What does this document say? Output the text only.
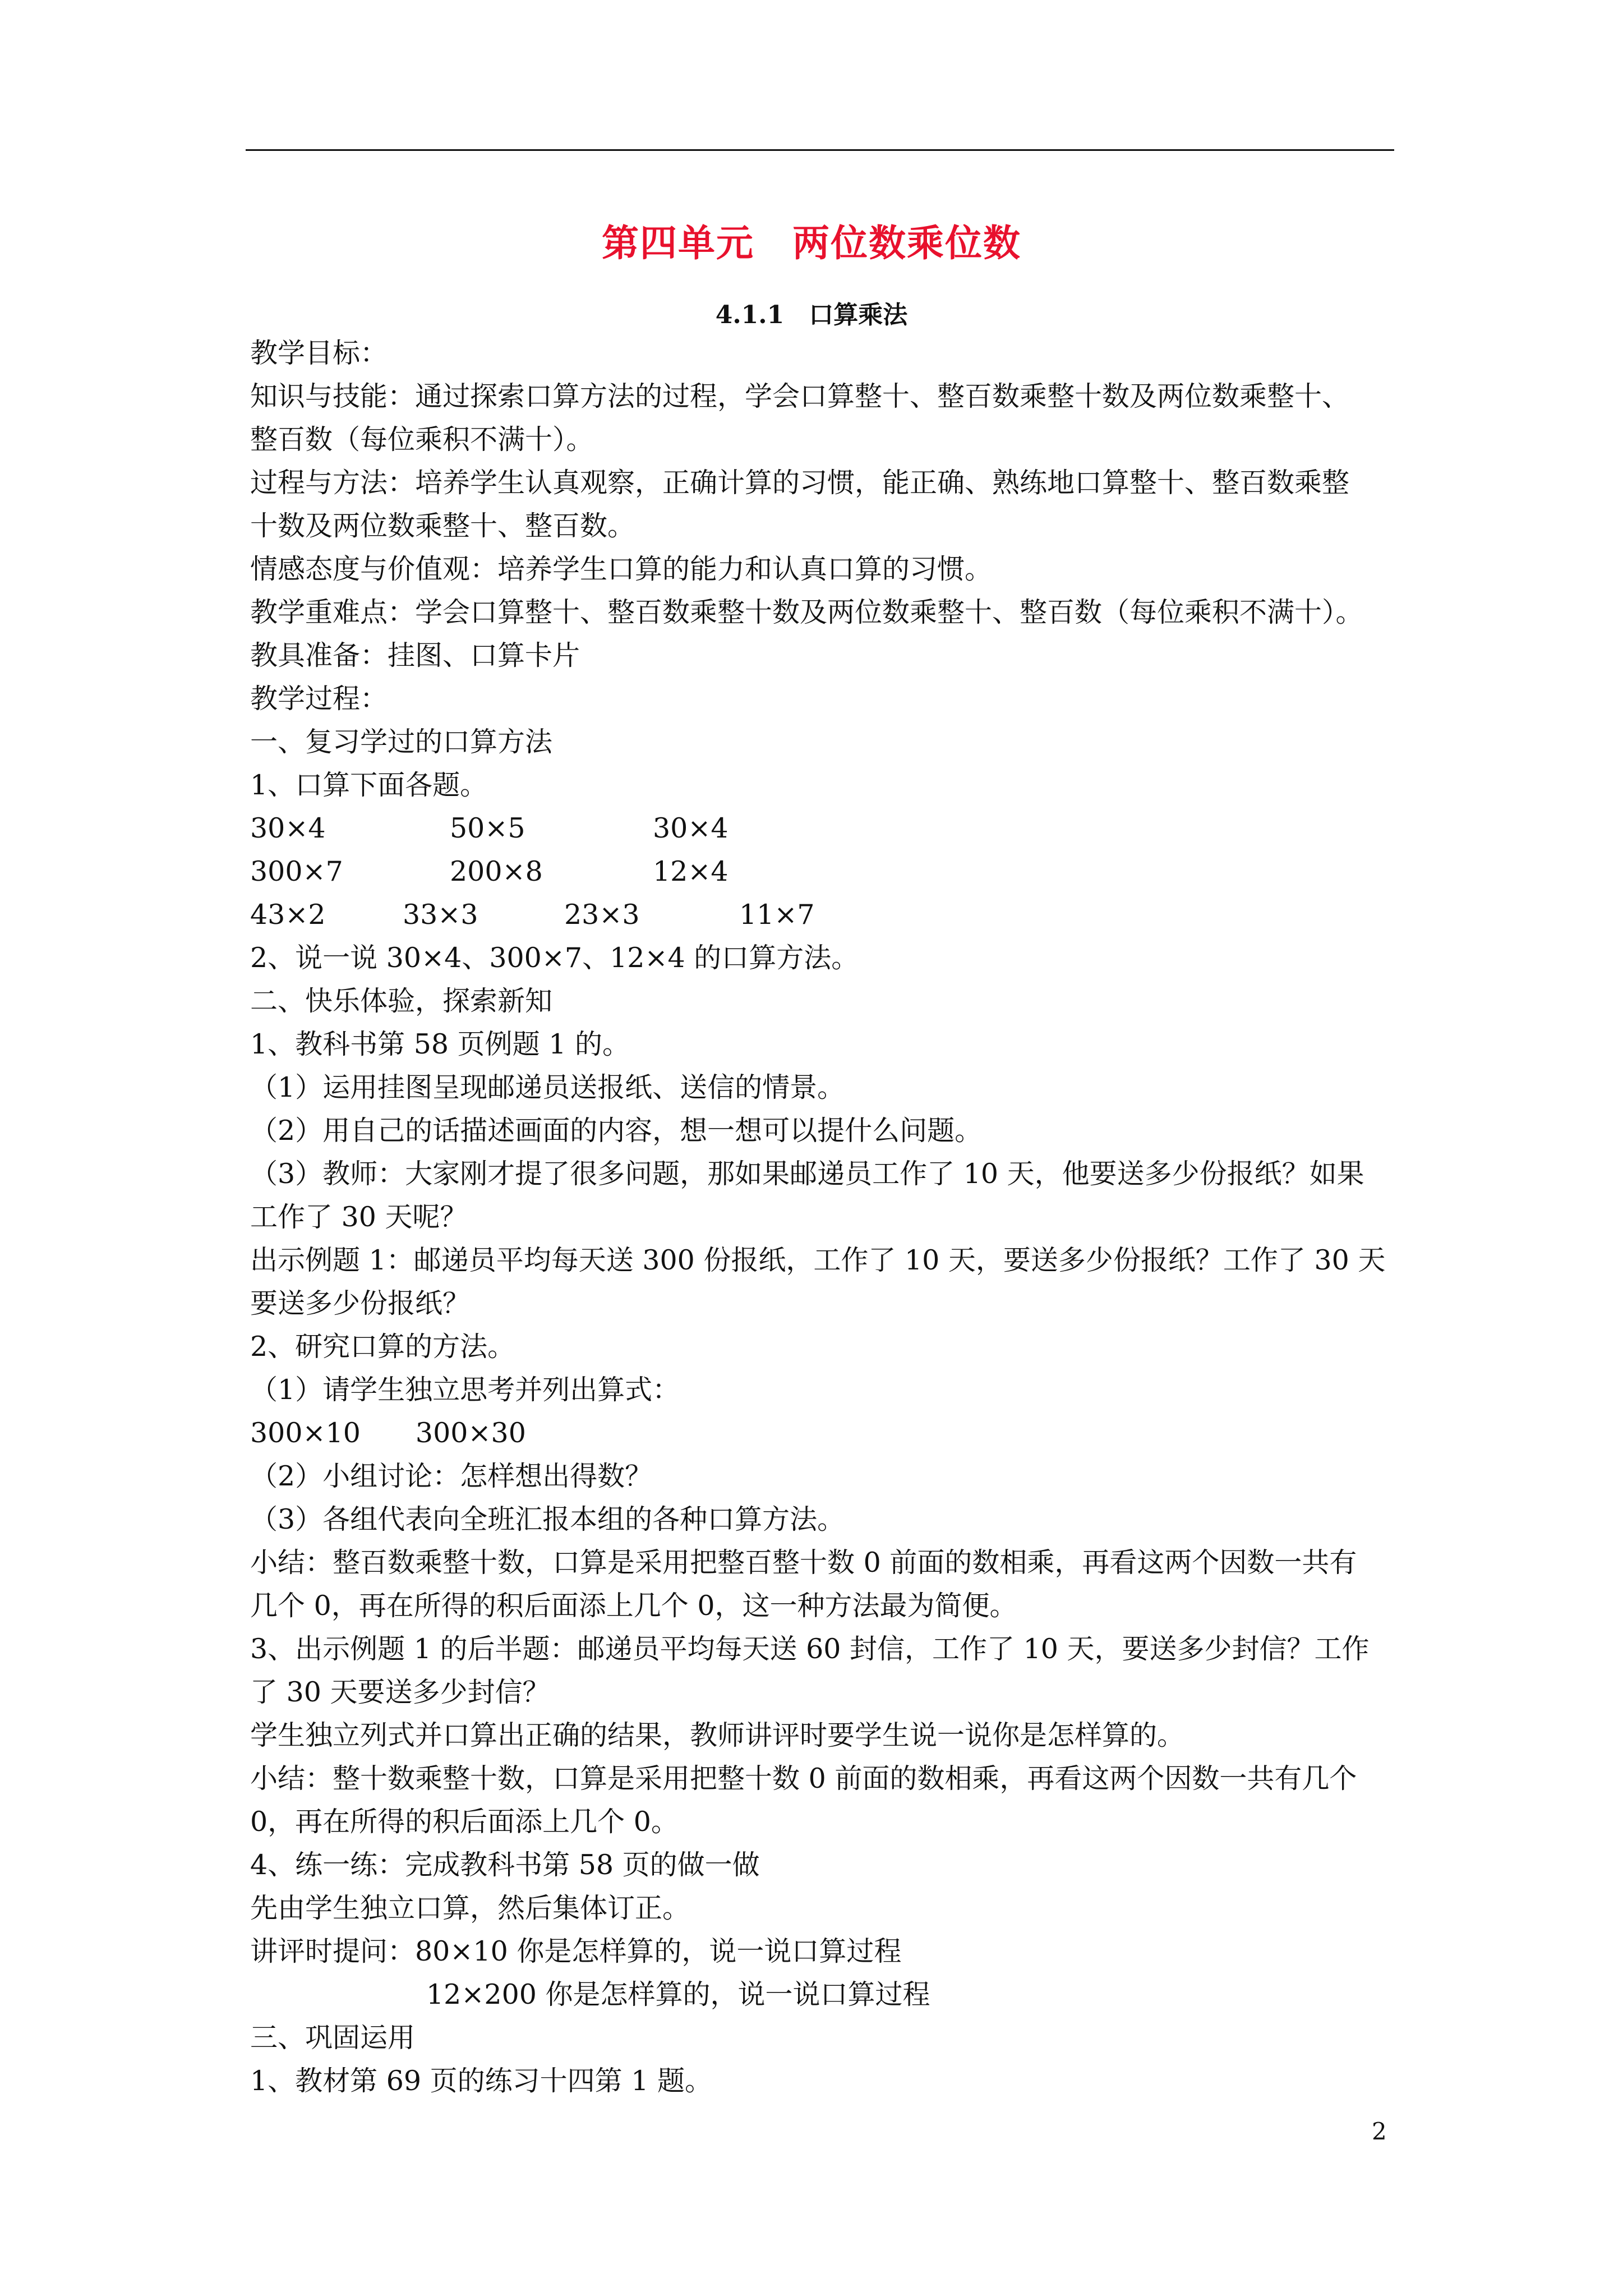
第四单元　两位数乘位数
4.1.1　口算乘法
教学目标：
知识与技能：通过探索口算方法的过程，学会口算整十、整百数乘整十数及两位数乘整十、
整百数（每位乘积不满十）。
过程与方法：培养学生认真观察，正确计算的习惯，能正确、熟练地口算整十、整百数乘整
十数及两位数乘整十、整百数。
情感态度与价值观：培养学生口算的能力和认真口算的习惯。
教学重难点：学会口算整十、整百数乘整十数及两位数乘整十、整百数（每位乘积不满十）。
教具准备：挂图、口算卡片
教学过程：
一、复习学过的口算方法
1、口算下面各题。
30×4	50×5	30×4
300×7	200×8	12×4
43×2	33×3	23×3	11×7
2、说一说 30×4、300×7、12×4 的口算方法。
二、快乐体验，探索新知
1、教科书第 58 页例题 1 的。
（1）运用挂图呈现邮递员送报纸、送信的情景。
（2）用自己的话描述画面的内容，想一想可以提什么问题。
（3）教师：大家刚才提了很多问题，那如果邮递员工作了 10 天，他要送多少份报纸？如果
工作了 30 天呢？
出示例题 1：邮递员平均每天送 300 份报纸，工作了 10 天，要送多少份报纸？工作了 30 天
要送多少份报纸？
2、研究口算的方法。
（1）请学生独立思考并列出算式：
300×10　　300×30
（2）小组讨论：怎样想出得数？
（3）各组代表向全班汇报本组的各种口算方法。
小结：整百数乘整十数，口算是采用把整百整十数 0 前面的数相乘，再看这两个因数一共有
几个 0，再在所得的积后面添上几个 0，这一种方法最为简便。
3、出示例题 1 的后半题：邮递员平均每天送 60 封信，工作了 10 天，要送多少封信？工作
了 30 天要送多少封信？
学生独立列式并口算出正确的结果，教师讲评时要学生说一说你是怎样算的。
小结：整十数乘整十数，口算是采用把整十数 0 前面的数相乘，再看这两个因数一共有几个
0，再在所得的积后面添上几个 0。
4、练一练：完成教科书第 58 页的做一做
先由学生独立口算，然后集体订正。
讲评时提问：80×10 你是怎样算的，说一说口算过程
12×200 你是怎样算的，说一说口算过程
三、巩固运用
1、教材第 69 页的练习十四第 1 题。
2
